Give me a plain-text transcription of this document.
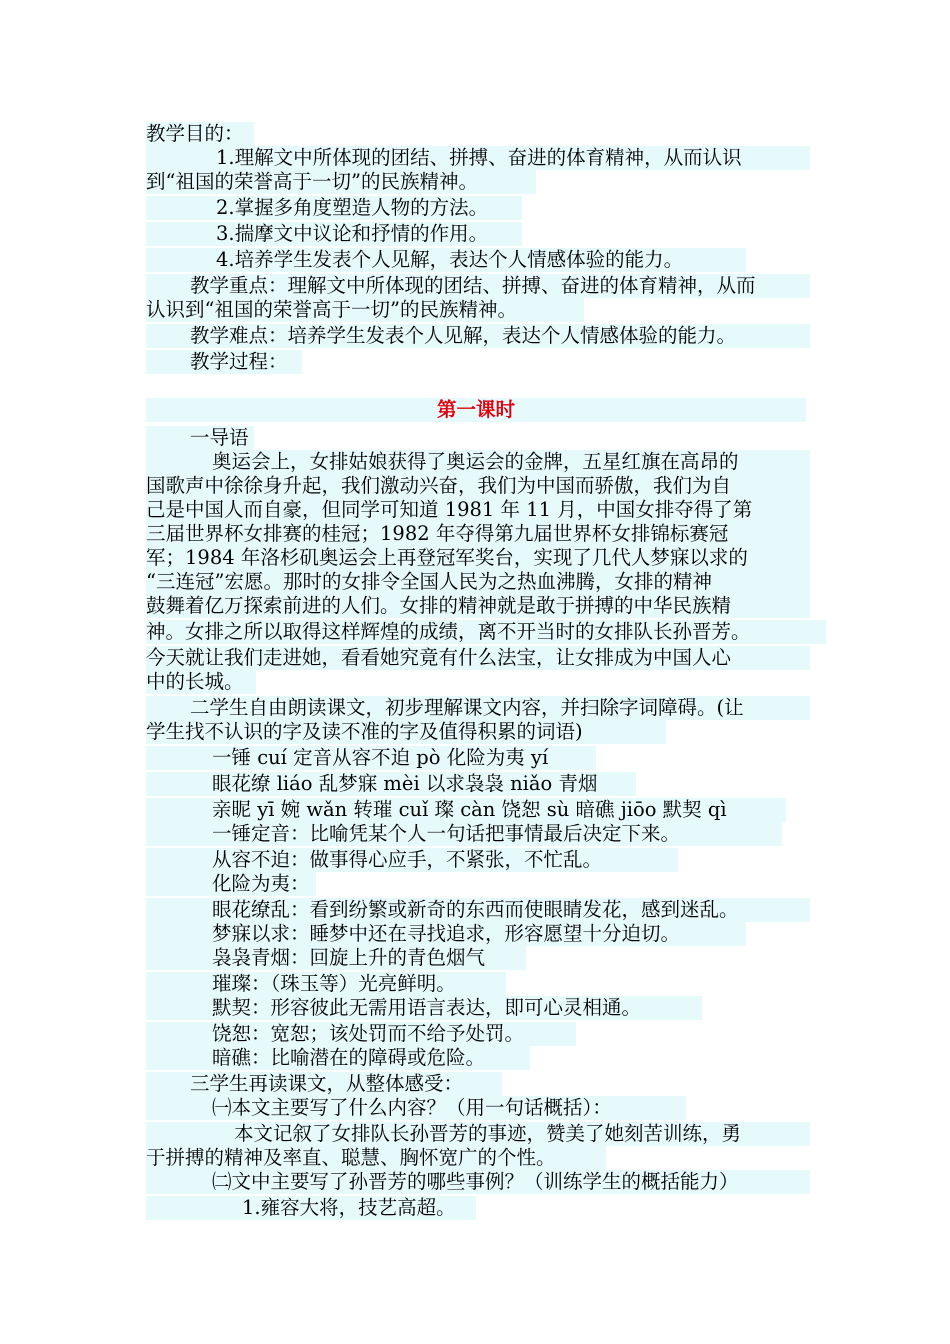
教学目的：
1.理解文中所体现的团结、拼搏、奋进的体育精神，从而认识
到“祖国的荣誉高于一切”的民族精神。
2.掌握多角度塑造人物的方法。
3.揣摩文中议论和抒情的作用。
4.培养学生发表个人见解，表达个人情感体验的能力。
教学重点：理解文中所体现的团结、拼搏、奋进的体育精神，从而
认识到“祖国的荣誉高于一切”的民族精神。
教学难点：培养学生发表个人见解，表达个人情感体验的能力。
教学过程：
第一课时
一导语
奥运会上，女排姑娘获得了奥运会的金牌，五星红旗在高昂的
国歌声中徐徐身升起，我们激动兴奋，我们为中国而骄傲，我们为自
己是中国人而自豪，但同学可知道 1981 年 11 月，中国女排夺得了第
三届世界杯女排赛的桂冠；1982 年夺得第九届世界杯女排锦标赛冠
军；1984 年洛杉矶奥运会上再登冠军奖台，实现了几代人梦寐以求的
“三连冠”宏愿。那时的女排令全国人民为之热血沸腾，女排的精神
鼓舞着亿万探索前进的人们。女排的精神就是敢于拼搏的中华民族精
神。女排之所以取得这样辉煌的成绩，离不开当时的女排队长孙晋芳。
今天就让我们走进她，看看她究竟有什么法宝，让女排成为中国人心
中的长城。
二学生自由朗读课文，初步理解课文内容，并扫除字词障碍。(让
学生找不认识的字及读不准的字及值得积累的词语)
一锤 cuí 定音从容不迫 pò 化险为夷 yí
眼花缭 liáo 乱梦寐 mèi 以求袅袅 niǎo 青烟
亲昵 yī 婉 wǎn 转璀 cuǐ 璨 càn 饶恕 sù 暗礁 jiōo 默契 qì
一锤定音：比喻凭某个人一句话把事情最后决定下来。
从容不迫：做事得心应手，不紧张，不忙乱。
化险为夷：
眼花缭乱：看到纷繁或新奇的东西而使眼睛发花，感到迷乱。
梦寐以求：睡梦中还在寻找追求，形容愿望十分迫切。
袅袅青烟：回旋上升的青色烟气
璀璨：（珠玉等）光亮鲜明。
默契：形容彼此无需用语言表达，即可心灵相通。
饶恕：宽恕；该处罚而不给予处罚。
暗礁：比喻潜在的障碍或危险。
三学生再读课文，从整体感受：
㈠本文主要写了什么内容？（用一句话概括）：
本文记叙了女排队长孙晋芳的事迹，赞美了她刻苦训练，勇
于拼搏的精神及率直、聪慧、胸怀宽广的个性。
㈡文中主要写了孙晋芳的哪些事例？（训练学生的概括能力）
1.雍容大将，技艺高超。
